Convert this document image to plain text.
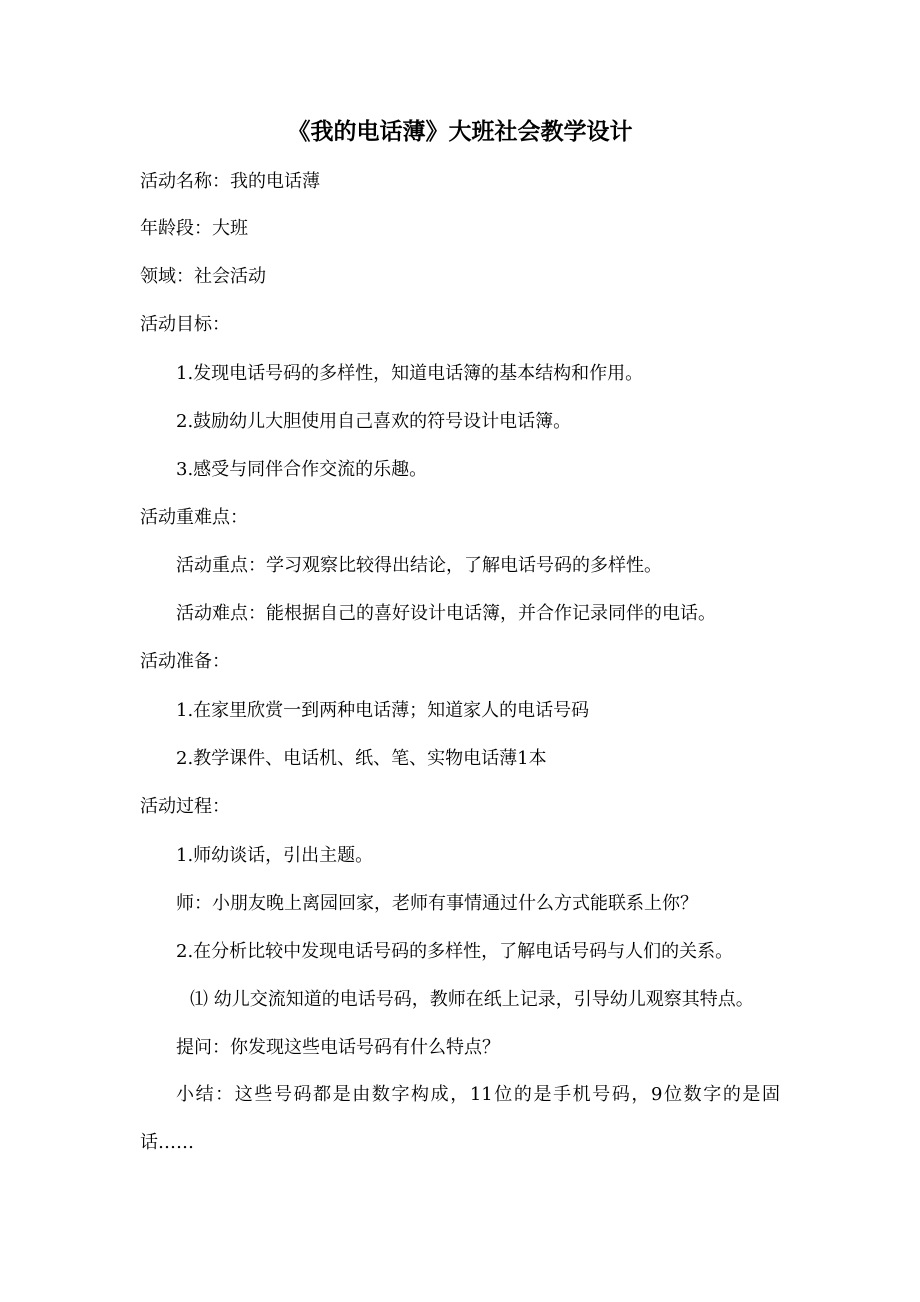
《我的电话薄》大班社会教学设计
活动名称：我的电话薄
年龄段：大班
领域：社会活动
活动目标：
1.发现电话号码的多样性，知道电话簿的基本结构和作用。
2.鼓励幼儿大胆使用自己喜欢的符号设计电话簿。
3.感受与同伴合作交流的乐趣。
活动重难点：
活动重点：学习观察比较得出结论，了解电话号码的多样性。
活动难点：能根据自己的喜好设计电话簿，并合作记录同伴的电话。
活动准备：
1.在家里欣赏一到两种电话薄；知道家人的电话号码
2.教学课件、电话机、纸、笔、实物电话薄1本
活动过程：
1.师幼谈话，引出主题。
师：小朋友晚上离园回家，老师有事情通过什么方式能联系上你？
2.在分析比较中发现电话号码的多样性，了解电话号码与人们的关系。
⑴ 幼儿交流知道的电话号码，教师在纸上记录，引导幼儿观察其特点。
提问：你发现这些电话号码有什么特点？
小结：这些号码都是由数字构成，11位的是手机号码，9位数字的是固话……
